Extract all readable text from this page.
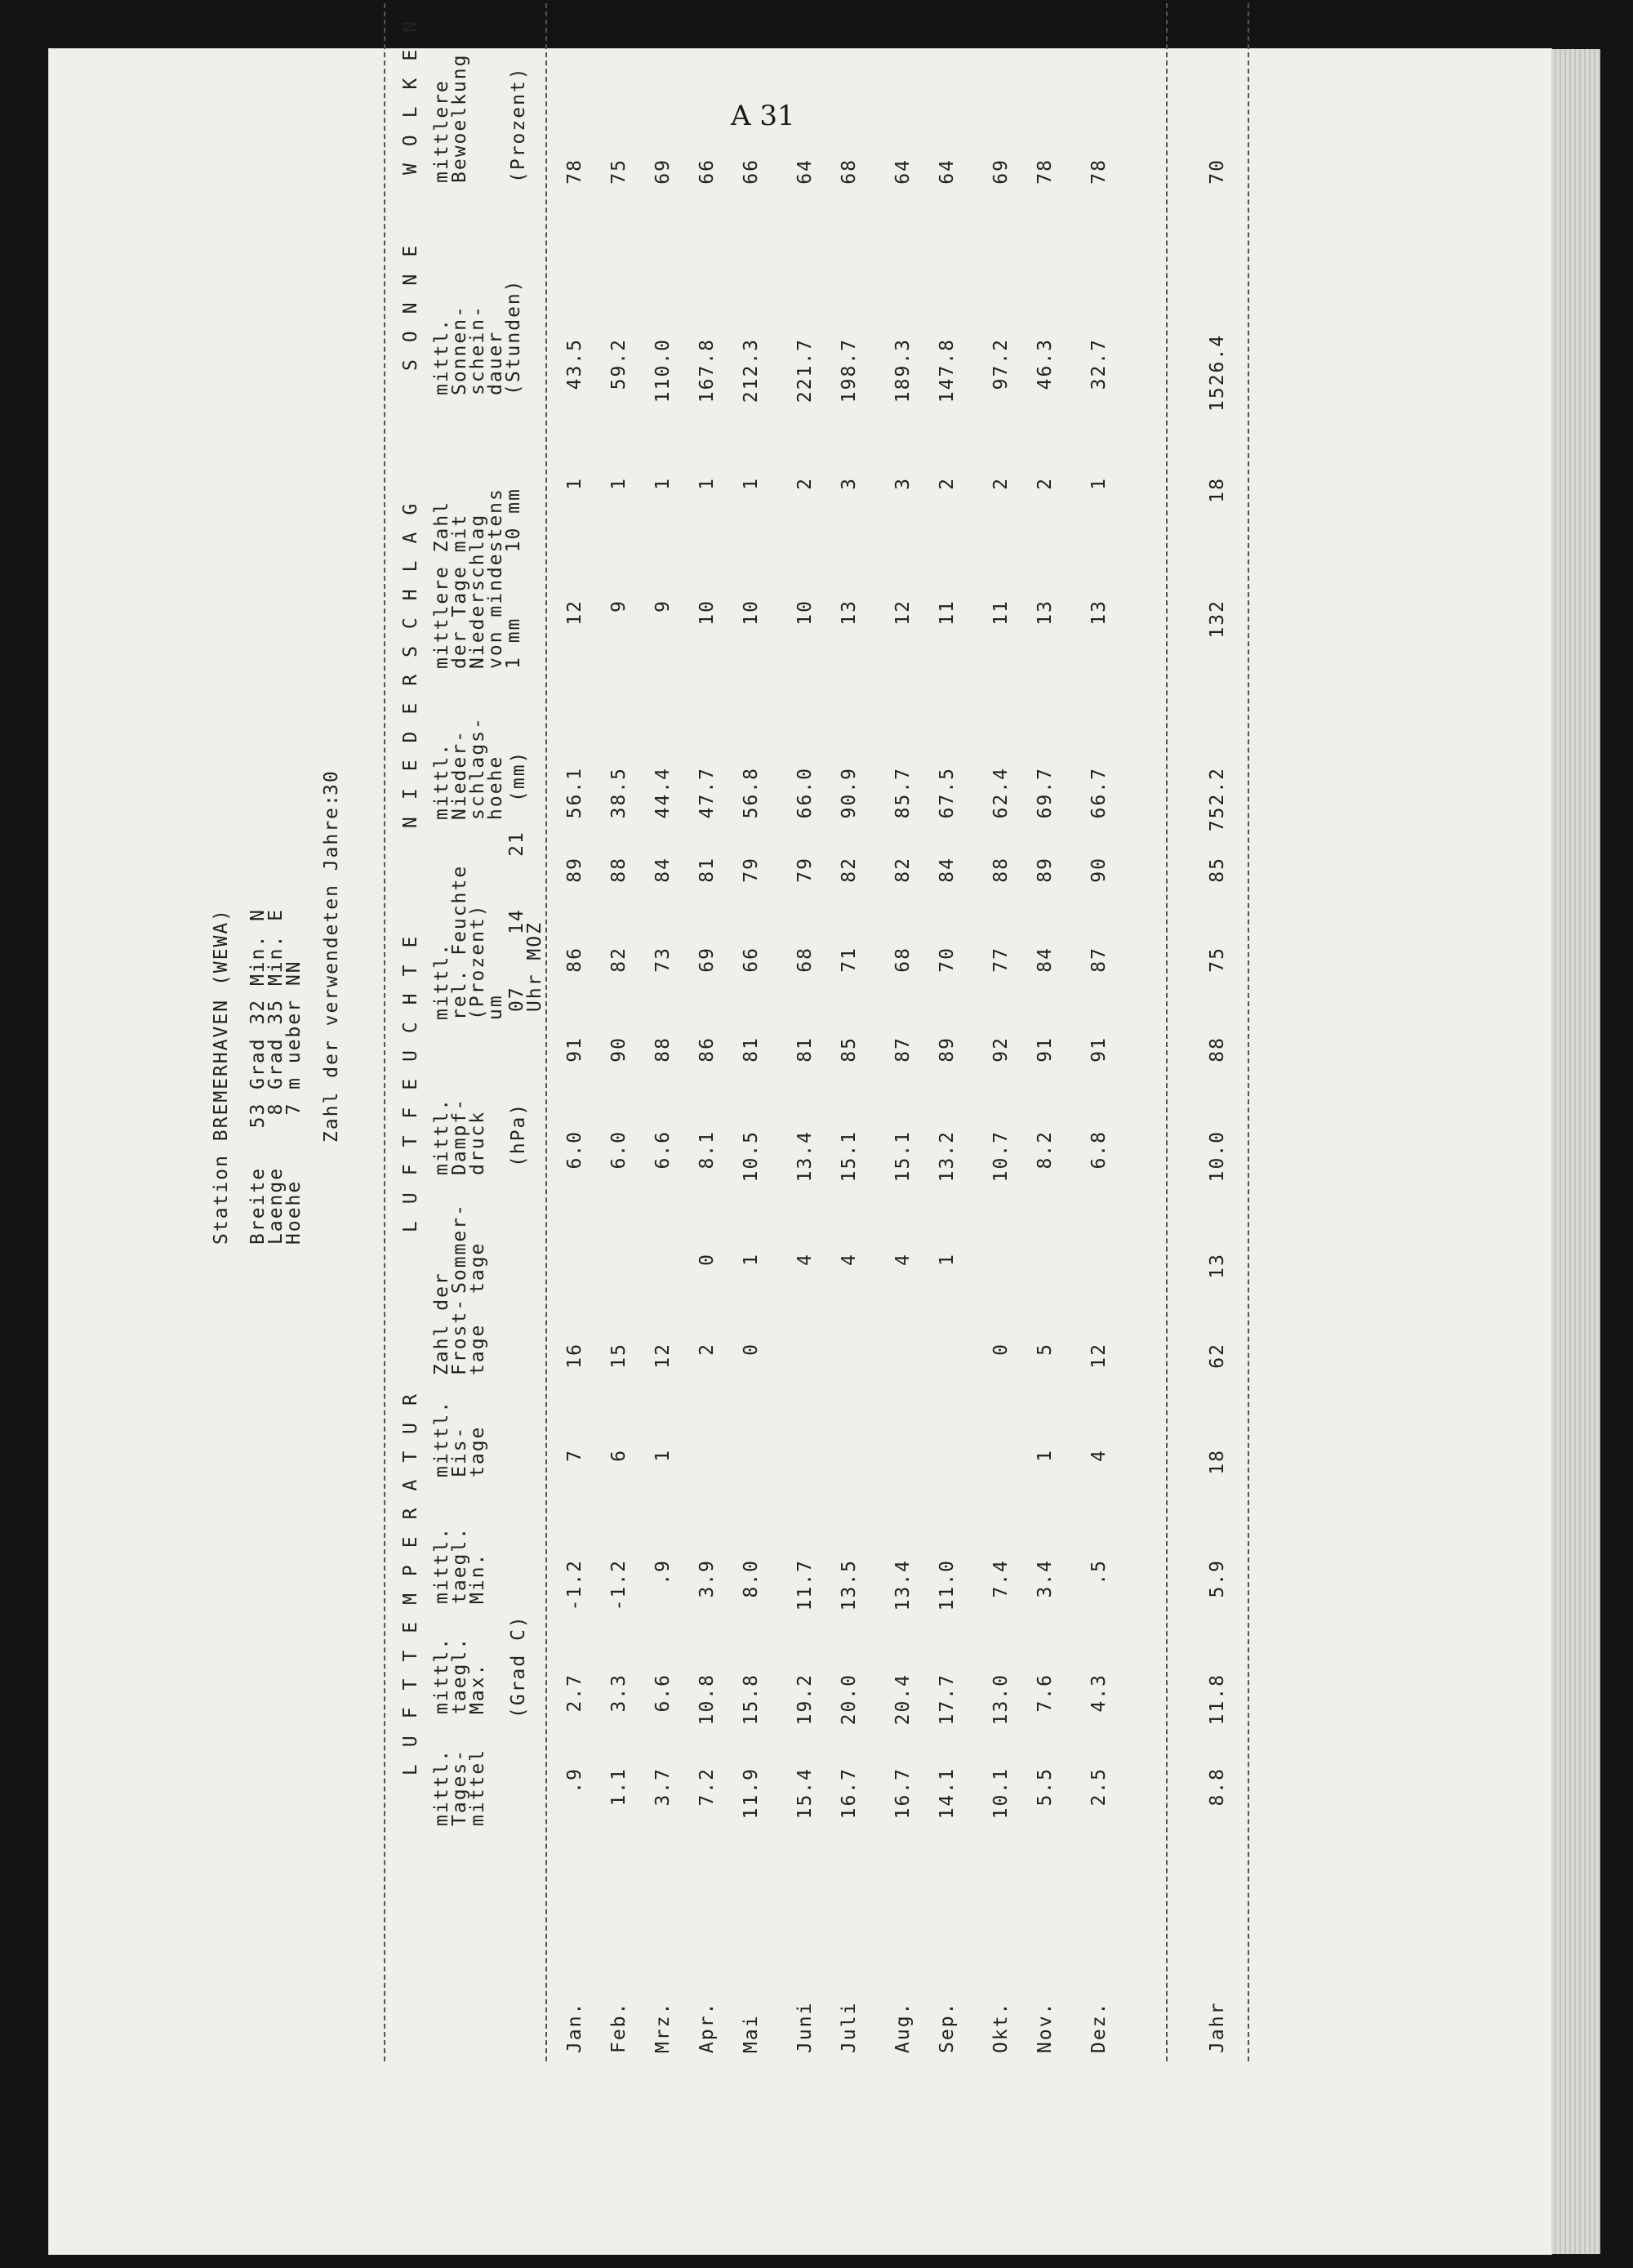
A 31
Station BREMERHAVEN (WEWA) Breite   53 Grad 32 Min. N
Laenge    8 Grad 35 Min. E
Hoehe     7 m ueber NN Zahl der verwendeten Jahre:
30
LUFTTEMPERATUR
LUFTFEUCHTE
NIEDERSCHLAG
SONNE
WOLKEN
mittl.
Tages-
mittel
mittl.
taegl.
Max.
mittl.
taegl.
Min.
mittl.
Eis-
tage
Zahl der
Frost-
tage
Sommer-
tage
(Grad C)
mittl.
Dampf-
druck (hPa)
mittl.
rel. Feuchte
(Prozent)
um 07    14    21
Uhr MOZ
mittl.
Nieder-
schlags-
hoehe (mm)
mittlere Zahl
der Tage mit
Niederschlag
von mindestens
1 mm     10 mm
mittl.
Sonnen-
schein-
dauer
(Stunden)
mittlere
Bewoelkung (Prozent)
Jan.
.9
2.7
-1.2
7
16
6.0
91
86
89
56.1
12
1
43.5
78
Feb.
1.1
3.3
-1.2
6
15
6.0
90
82
88
38.5
9
1
59.2
75
Mrz.
3.7
6.6
.9
1
12
6.6
88
73
84
44.4
9
1
110.0
69
Apr.
7.2
10.8
3.9
2
0
8.1
86
69
81
47.7
10
1
167.8
66
Mai
11.9
15.8
8.0
0
1
10.5
81
66
79
56.8
10
1
212.3
66
Juni
15.4
19.2
11.7
4
13.4
81
68
79
66.0
10
2
221.7
64
Juli
16.7
20.0
13.5
4
15.1
85
71
82
90.9
13
3
198.7
68
Aug.
16.7
20.4
13.4
4
15.1
87
68
82
85.7
12
3
189.3
64
Sep.
14.1
17.7
11.0
1
13.2
89
70
84
67.5
11
2
147.8
64
Okt.
10.1
13.0
7.4
0
10.7
92
77
88
62.4
11
2
97.2
69
Nov.
5.5
7.6
3.4
1
5
8.2
91
84
89
69.7
13
2
46.3
78
Dez.
2.5
4.3
.5
4
12
6.8
91
87
90
66.7
13
1
32.7
78
Jahr
8.8
11.8
5.9
18
62
13
10.0
88
75
85
752.2
132
18
1526.4
70
